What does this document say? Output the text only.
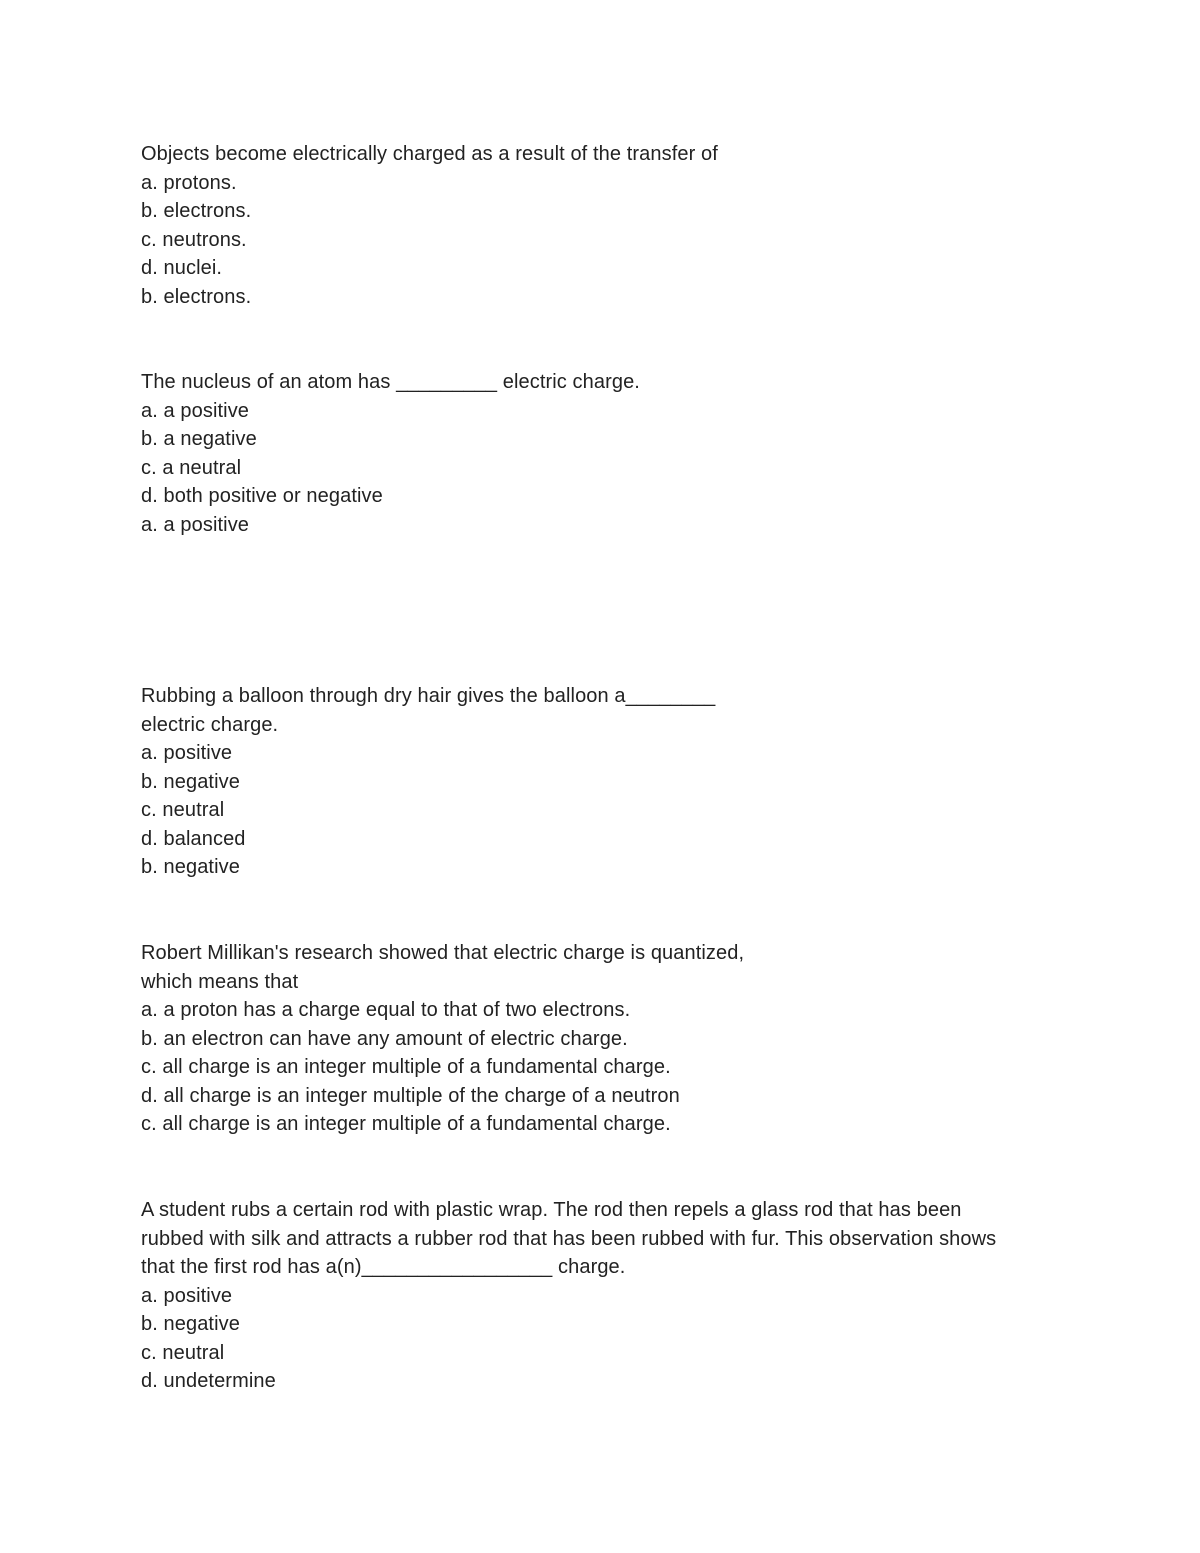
Objects become electrically charged as a result of the transfer of
a. protons.
b. electrons.
c. neutrons.
d. nuclei.
b. electrons.
The nucleus of an atom has _________ electric charge.
a. a positive
b. a negative
c. a neutral
d. both positive or negative
a. a positive
Rubbing a balloon through dry hair gives the balloon a________
electric charge.
a. positive
b. negative
c. neutral
d. balanced
b. negative
Robert Millikan's research showed that electric charge is quantized,
which means that
a. a proton has a charge equal to that of two electrons.
b. an electron can have any amount of electric charge.
c. all charge is an integer multiple of a fundamental charge.
d. all charge is an integer multiple of the charge of a neutron
c. all charge is an integer multiple of a fundamental charge.
A student rubs a certain rod with plastic wrap. The rod then repels a glass rod that has been
rubbed with silk and attracts a rubber rod that has been rubbed with fur. This observation shows
that the first rod has a(n)_________________ charge.
a. positive
b. negative
c. neutral
d. undetermine
